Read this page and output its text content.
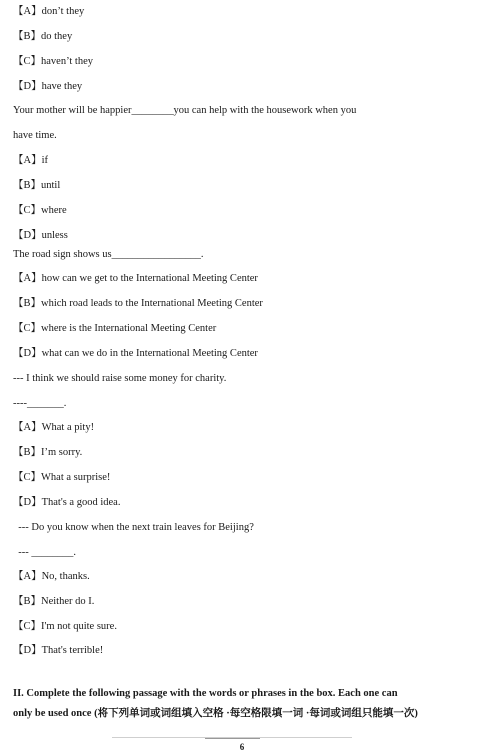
【A】don’t they
【B】do they
【C】haven’t they
【D】have they
Your mother will be happier________you can help with the housework when you
have time.
【A】if
【B】until
【C】where
【D】unless
The road sign shows us_________________.
【A】how can we get to the International Meeting Center
【B】which road leads to the International Meeting Center
【C】where is the International Meeting Center
【D】what can we do in the International Meeting Center
--- I think we should raise some money for charity.
----_______.
【A】What a pity!
【B】I’m sorry.
【C】What a surprise!
【D】That's a good idea.
--- Do you know when the next train leaves for Beijing?
--- ________.
【A】No, thanks.
【B】Neither do I.
【C】I'm not quite sure.
【D】That's terrible!
II. Complete the following passage with the words or phrases in the box. Each one can
only be used once (将下列单词或词组填入空格 ·每空格限填一词 ·每词或词组只能填一次)
6
